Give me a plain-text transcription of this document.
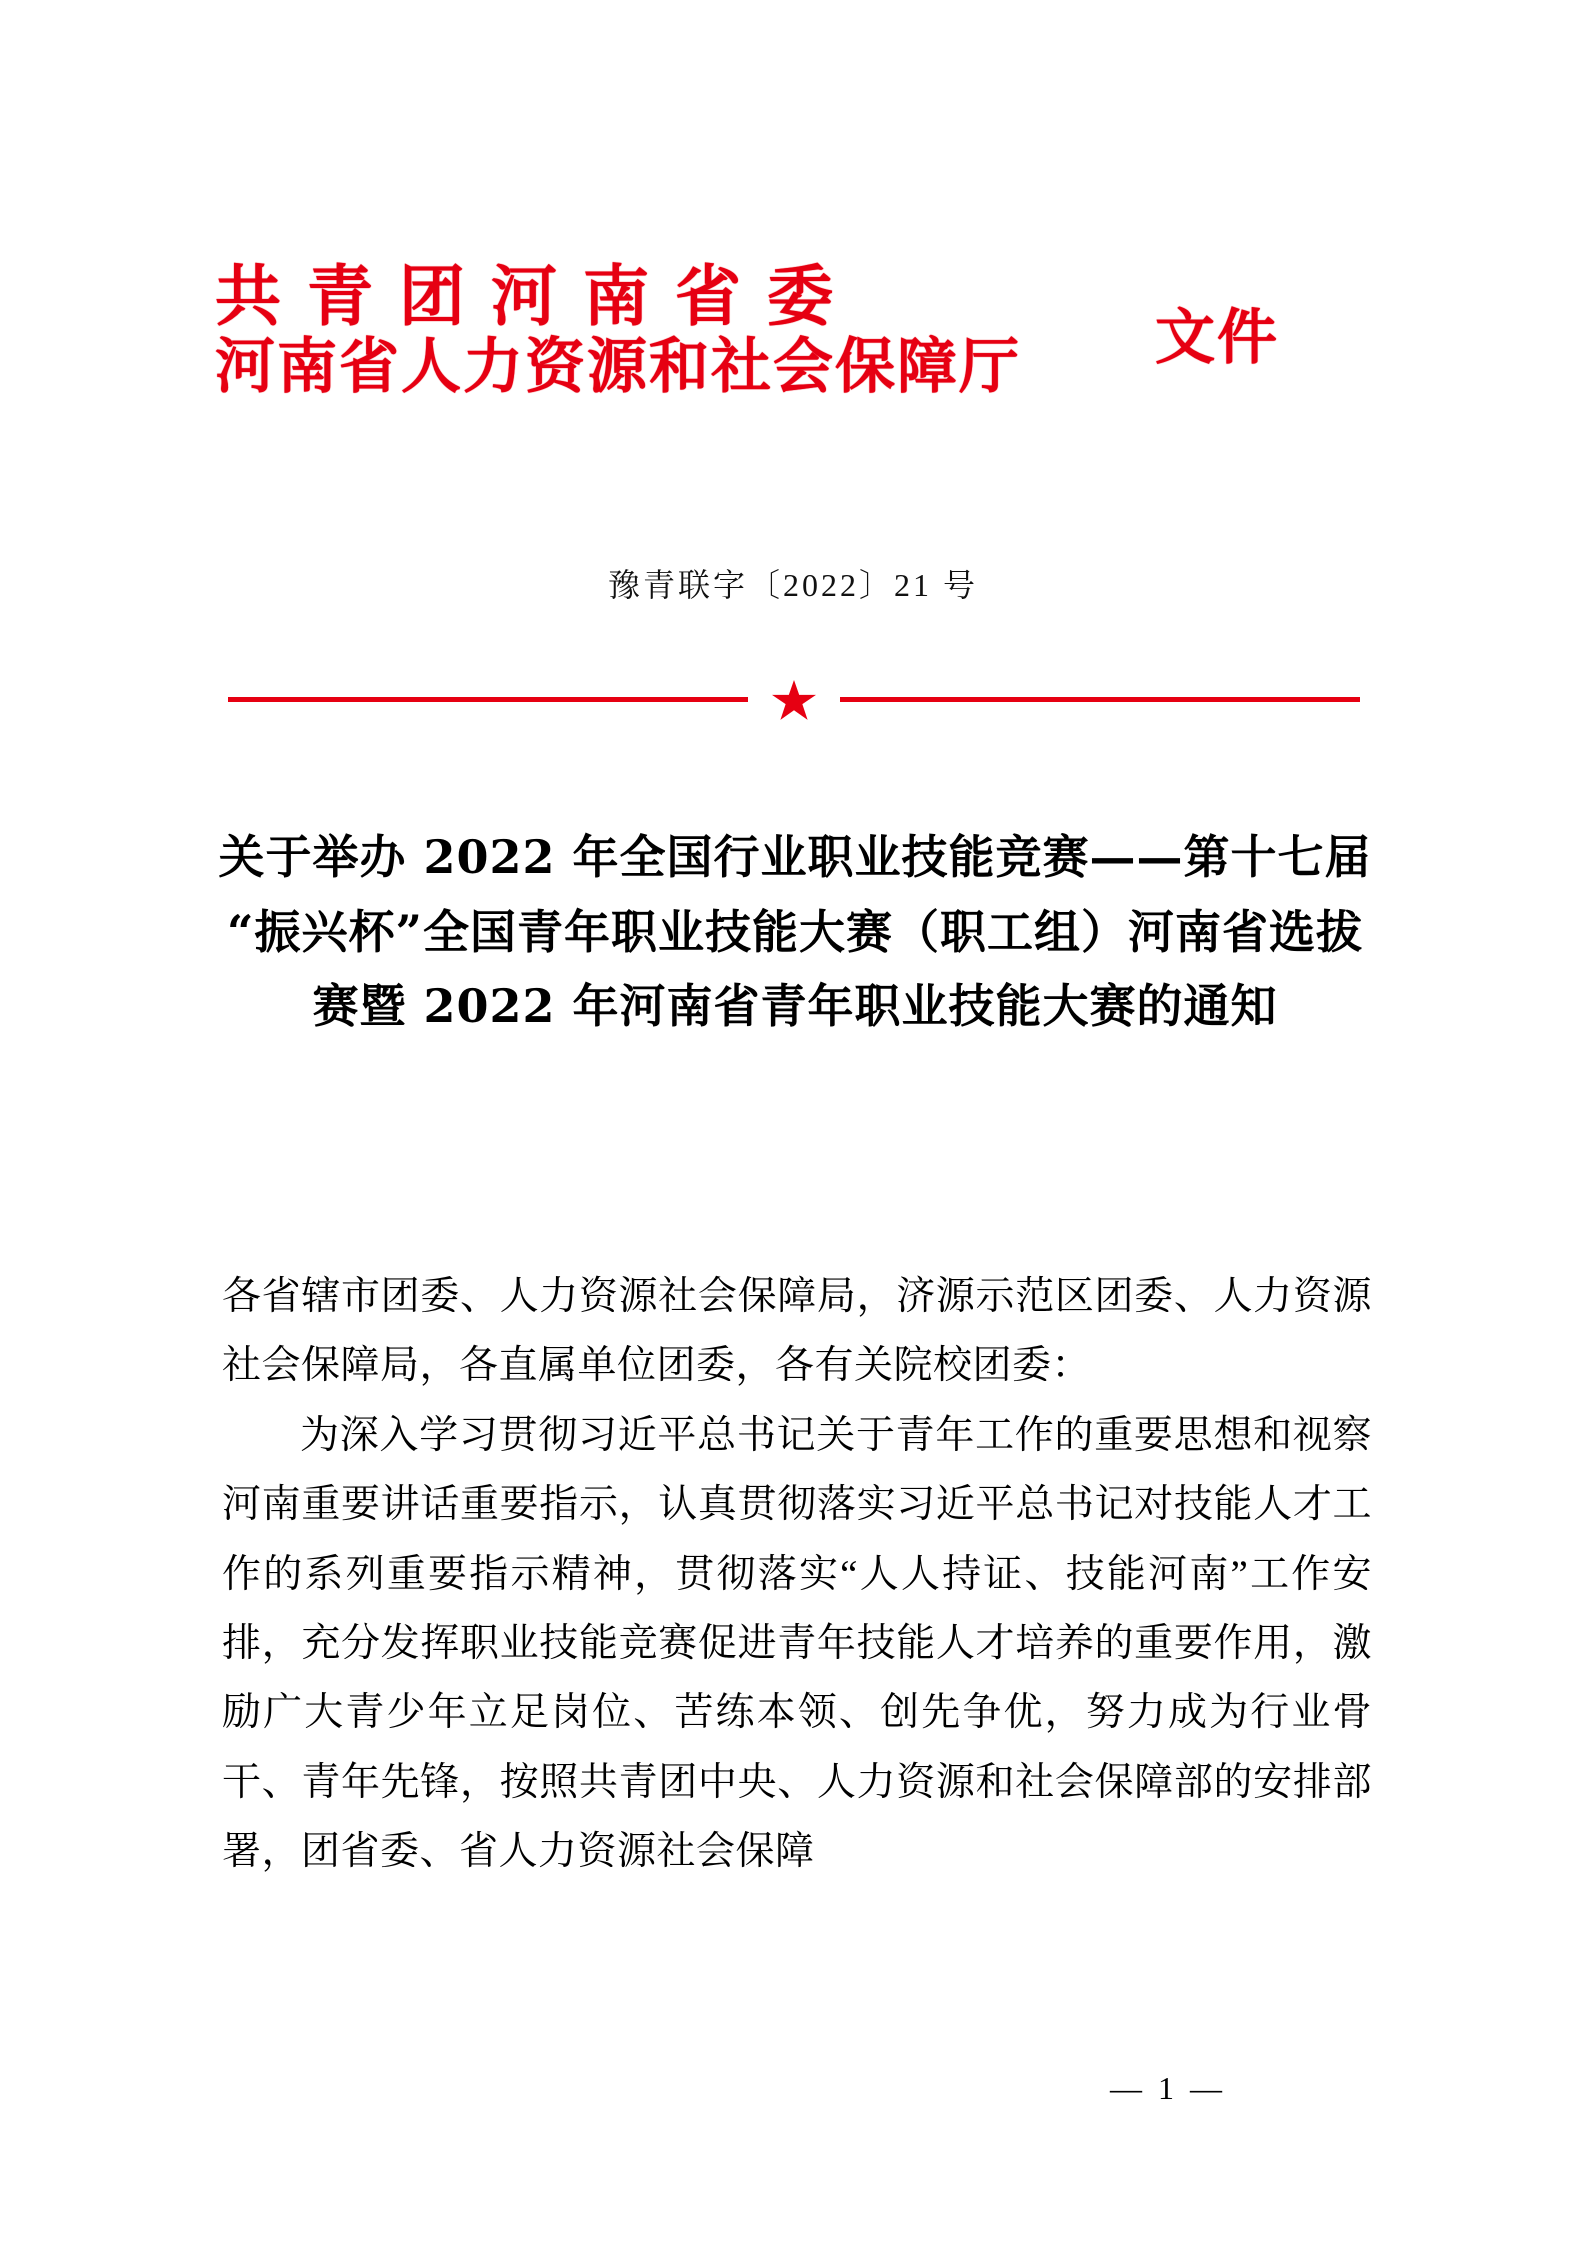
共青团河南省委
河南省人力资源和社会保障厅	文件
豫青联字〔2022〕21 号
关于举办 2022 年全国行业职业技能竞赛——第十七届“振兴杯”全国青年职业技能大赛（职工组）河南省选拔赛暨 2022 年河南省青年职业技能大赛的通知

各省辖市团委、人力资源社会保障局，济源示范区团委、人力资源社会保障局，各直属单位团委，各有关院校团委：

为深入学习贯彻习近平总书记关于青年工作的重要思想和视察河南重要讲话重要指示，认真贯彻落实习近平总书记对技能人才工作的系列重要指示精神，贯彻落实“人人持证、技能河南”工作安排，充分发挥职业技能竞赛促进青年技能人才培养的重要作用，激励广大青少年立足岗位、苦练本领、创先争优，努力成为行业骨干、青年先锋，按照共青团中央、人力资源和社会保障部的安排部署，团省委、省人力资源社会保障

— 1 —
